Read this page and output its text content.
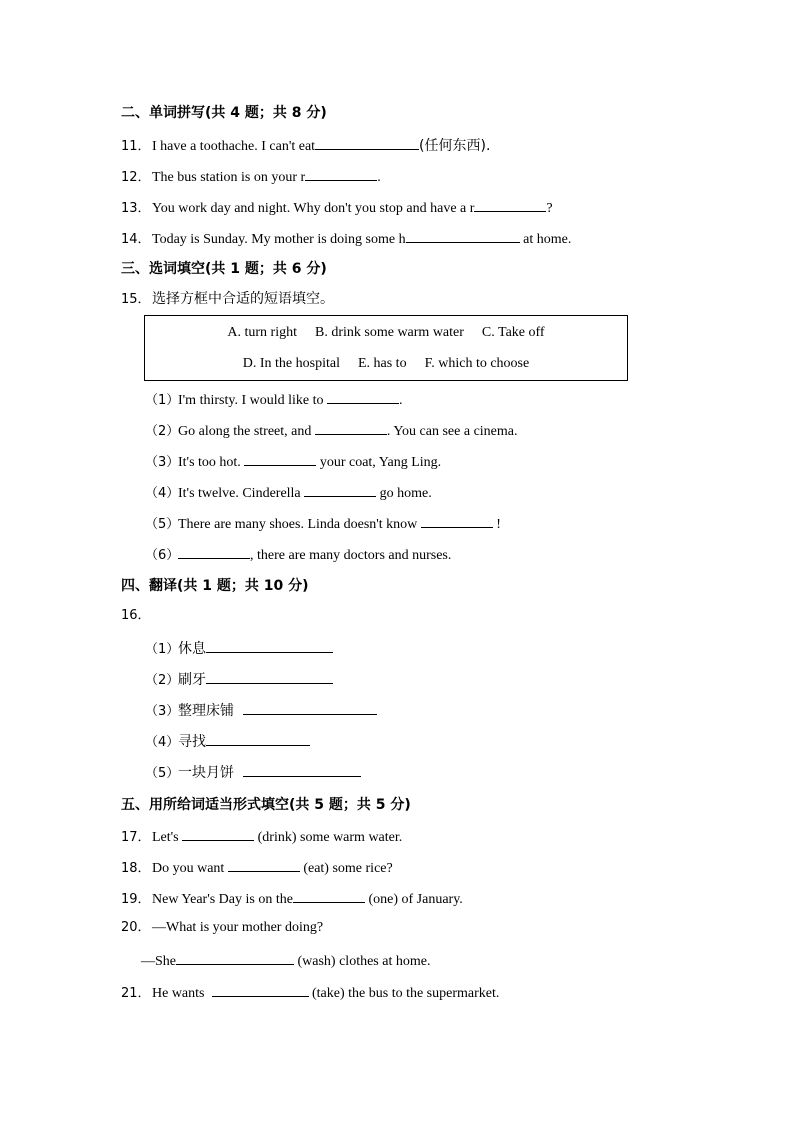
二、单词拼写(共 4 题；共 8 分)
11．I have a toothache. I can't eat	(任何东西).
12．The bus station is on your r	.
13．You work day and night. Why don't you stop and have a r	?
14．Today is Sunday. My mother is doing some h	at home.
三、选词填空(共 1 题；共 6 分)
15．选择方框中合适的短语填空。
A. turn right B. drink some warm water C. Take off
D. In the hospital E. has to F. which to choose
（1）I'm thirsty. I would like to	.
（2）Go along the street, and	. You can see a cinema.
（3）It's too hot.	your coat, Yang Ling.
（4）It's twelve. Cinderella	go home.
（5）There are many shoes. Linda doesn't know	!
（6）	, there are many doctors and nurses.
四、翻译(共 1 题；共 10 分)
16．
（1）休息
（2）刷牙
（3）整理床铺
（4）寻找
（5）一块月饼
五、用所给词适当形式填空(共 5 题；共 5 分)
17．Let's	(drink) some warm water.
18．Do you want	(eat) some rice?
19．New Year's Day is on the	(one) of January.
20．—What is your mother doing?
—She	(wash) clothes at home.
21．He wants	(take) the bus to the supermarket.
